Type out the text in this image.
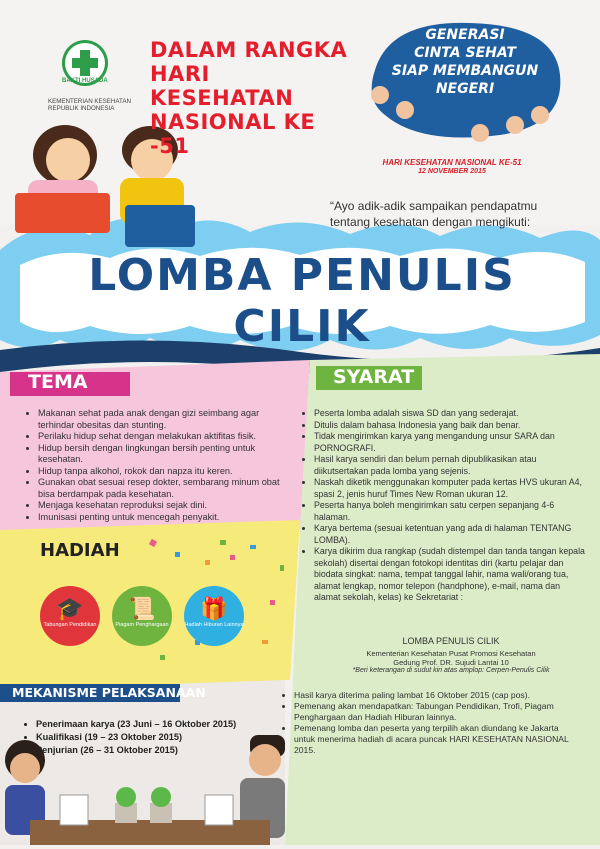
BAKTI HUSADA
KEMENTERIAN KESEHATAN REPUBLIK INDONESIA
DALAM RANGKA
HARI KESEHATAN
NASIONAL KE -51
GENERASI
CINTA SEHAT
SIAP MEMBANGUN
NEGERI
HARI KESEHATAN NASIONAL KE-51
12 NOVEMBER 2015
“Ayo adik-adik sampaikan pendapatmu tentang kesehatan dengan mengikuti:
LOMBA PENULIS CILIK
TEMA
• Makanan sehat pada anak dengan gizi seimbang agar terhindar obesitas dan stunting.
• Perilaku hidup sehat dengan melakukan aktifitas fisik.
• Hidup bersih dengan lingkungan bersih penting untuk kesehatan.
• Hidup tanpa alkohol, rokok dan napza itu keren.
• Gunakan obat sesuai resep dokter, sembarang minum obat bisa berdampak pada kesehatan.
• Menjaga kesehatan reproduksi sejak dini.
• Imunisasi penting untuk mencegah penyakit.
SYARAT
• Peserta lomba adalah siswa SD dan yang sederajat.
• Ditulis dalam bahasa Indonesia yang baik dan benar.
• Tidak mengirimkan karya yang mengandung unsur SARA dan PORNOGRAFI.
• Hasil karya sendiri dan belum pernah dipublikasikan atau diikutsertakan pada lomba yang sejenis.
• Naskah diketik menggunakan komputer pada kertas HVS ukuran A4, spasi 2, jenis huruf Times New Roman ukuran 12.
• Peserta hanya boleh mengirimkan satu cerpen sepanjang 4-6 halaman.
• Karya bertema (sesuai ketentuan yang ada di halaman TENTANG LOMBA).
• Karya dikirim dua rangkap (sudah distempel dan tanda tangan kepala sekolah) disertai dengan fotokopi identitas diri (kartu pelajar dan biodata singkat: nama, tempat tanggal lahir, nama wali/orang tua, alamat lengkap, nomor telepon (handphone), e-mail, nama dan alamat sekolah, kelas) ke Sekretariat :
LOMBA PENULIS CILIK
Kementerian Kesehatan Pusat Promosi Kesehatan
Gedung Prof. DR. Sujudi Lantai 10
*Beri keterangan di sudut kiri atas amplop: Cerpen-Penulis Cilik
• Hasil karya diterima paling lambat 16 Oktober 2015 (cap pos).
• Pemenang akan mendapatkan: Tabungan Pendidikan, Trofi, Piagam Penghargaan dan Hadiah Hiburan lainnya.
• Pemenang lomba dan peserta yang terpilih akan diundang ke Jakarta untuk menerima hadiah di acara puncak HARI KESEHATAN NASIONAL 2015.
HADIAH
🎓
Tabungan Pendidikan
📜
Piagam Penghargaan
🎁
Hadiah Hiburan Lainnya
MEKANISME PELAKSANAAN
• Penerimaan karya (23 Juni – 16 Oktober 2015)
• Kualifikasi (19 – 23 Oktober 2015)
• Penjurian (26 – 31 Oktober 2015)
